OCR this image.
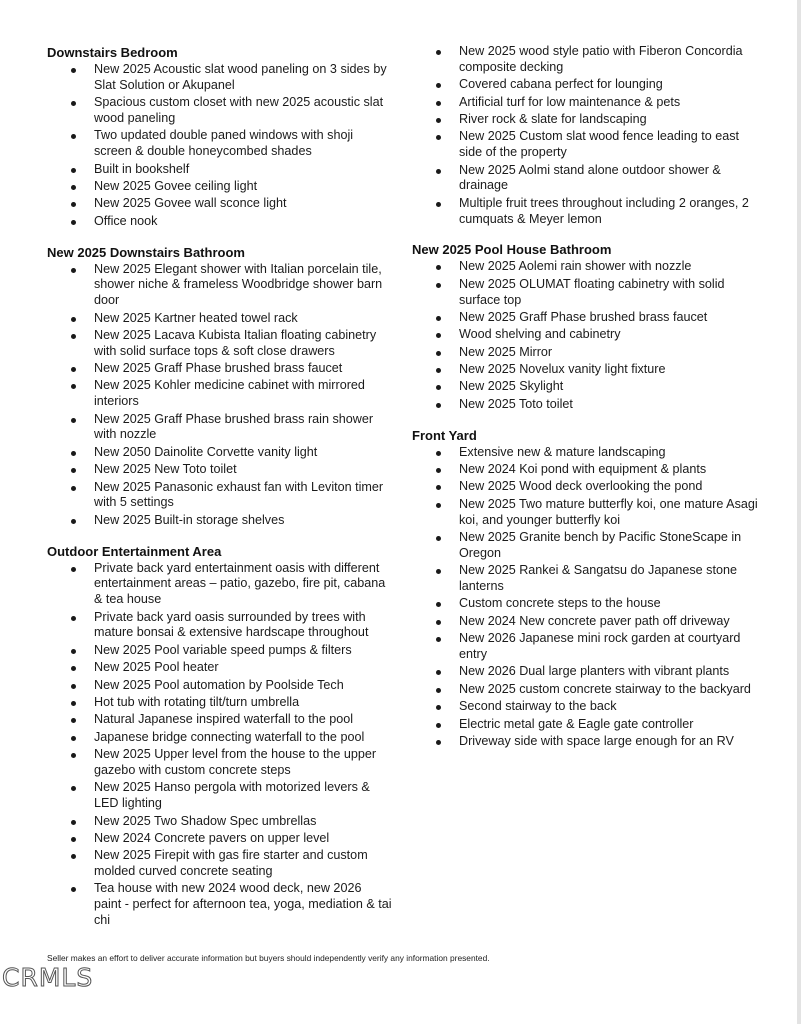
Downstairs Bedroom
New 2025 Acoustic slat wood paneling on 3 sides by Slat Solution or Akupanel
Spacious custom closet with new 2025 acoustic slat wood paneling
Two updated double paned windows with shoji screen & double honeycombed shades
Built in bookshelf
New 2025 Govee ceiling light
New 2025 Govee wall sconce light
Office nook
New 2025 Downstairs Bathroom
New 2025 Elegant shower with Italian porcelain tile, shower niche & frameless Woodbridge shower barn door
New 2025 Kartner heated towel rack
New 2025 Lacava Kubista Italian floating cabinetry with solid surface tops & soft close drawers
New 2025 Graff Phase brushed brass faucet
New 2025 Kohler medicine cabinet with mirrored interiors
New 2025 Graff Phase brushed brass rain shower with nozzle
New 2050 Dainolite Corvette vanity light
New 2025 New Toto toilet
New 2025 Panasonic exhaust fan with Leviton timer with 5 settings
New 2025 Built-in storage shelves
Outdoor Entertainment Area
Private back yard entertainment oasis with different entertainment areas – patio, gazebo, fire pit, cabana & tea house
Private back yard oasis surrounded by trees with mature bonsai & extensive hardscape throughout
New 2025 Pool variable speed pumps & filters
New 2025 Pool heater
New 2025 Pool automation by Poolside Tech
Hot tub with rotating tilt/turn umbrella
Natural Japanese inspired waterfall to the pool
Japanese bridge connecting waterfall to the pool
New 2025 Upper level from the house to the upper gazebo with custom concrete steps
New 2025 Hanso pergola with motorized levers & LED lighting
New 2025 Two Shadow Spec umbrellas
New 2024 Concrete pavers on upper level
New 2025 Firepit with gas fire starter and custom molded curved concrete seating
Tea house with new 2024 wood deck, new 2026 paint - perfect for afternoon tea, yoga, mediation & tai chi
New 2025 wood style patio with Fiberon Concordia composite decking
Covered cabana perfect for lounging
Artificial turf for low maintenance & pets
River rock & slate for landscaping
New 2025 Custom slat wood fence leading to east side of the property
New 2025 Aolmi stand alone outdoor shower & drainage
Multiple fruit trees throughout including 2 oranges, 2 cumquats & Meyer lemon
New 2025 Pool House Bathroom
New 2025 Aolemi rain shower with nozzle
New 2025 OLUMAT floating cabinetry with solid surface top
New 2025 Graff Phase brushed brass faucet
Wood shelving and cabinetry
New 2025 Mirror
New 2025 Novelux vanity light fixture
New 2025 Skylight
New 2025 Toto toilet
Front Yard
Extensive new & mature landscaping
New 2024 Koi pond with equipment & plants
New 2025 Wood deck overlooking the pond
New 2025 Two mature butterfly koi, one mature Asagi koi, and younger butterfly koi
New 2025 Granite bench by Pacific StoneScape in Oregon
New 2025 Rankei & Sangatsu do Japanese stone lanterns
Custom concrete steps to the house
New 2024 New concrete paver path off driveway
New 2026 Japanese mini rock garden at courtyard entry
New 2026 Dual large planters with vibrant plants
New 2025 custom concrete stairway to the backyard
Second stairway to the back
Electric metal gate & Eagle gate controller
Driveway side with space large enough for an RV
Seller makes an effort to deliver accurate information but buyers should independently verify any information presented.
CRMLS
